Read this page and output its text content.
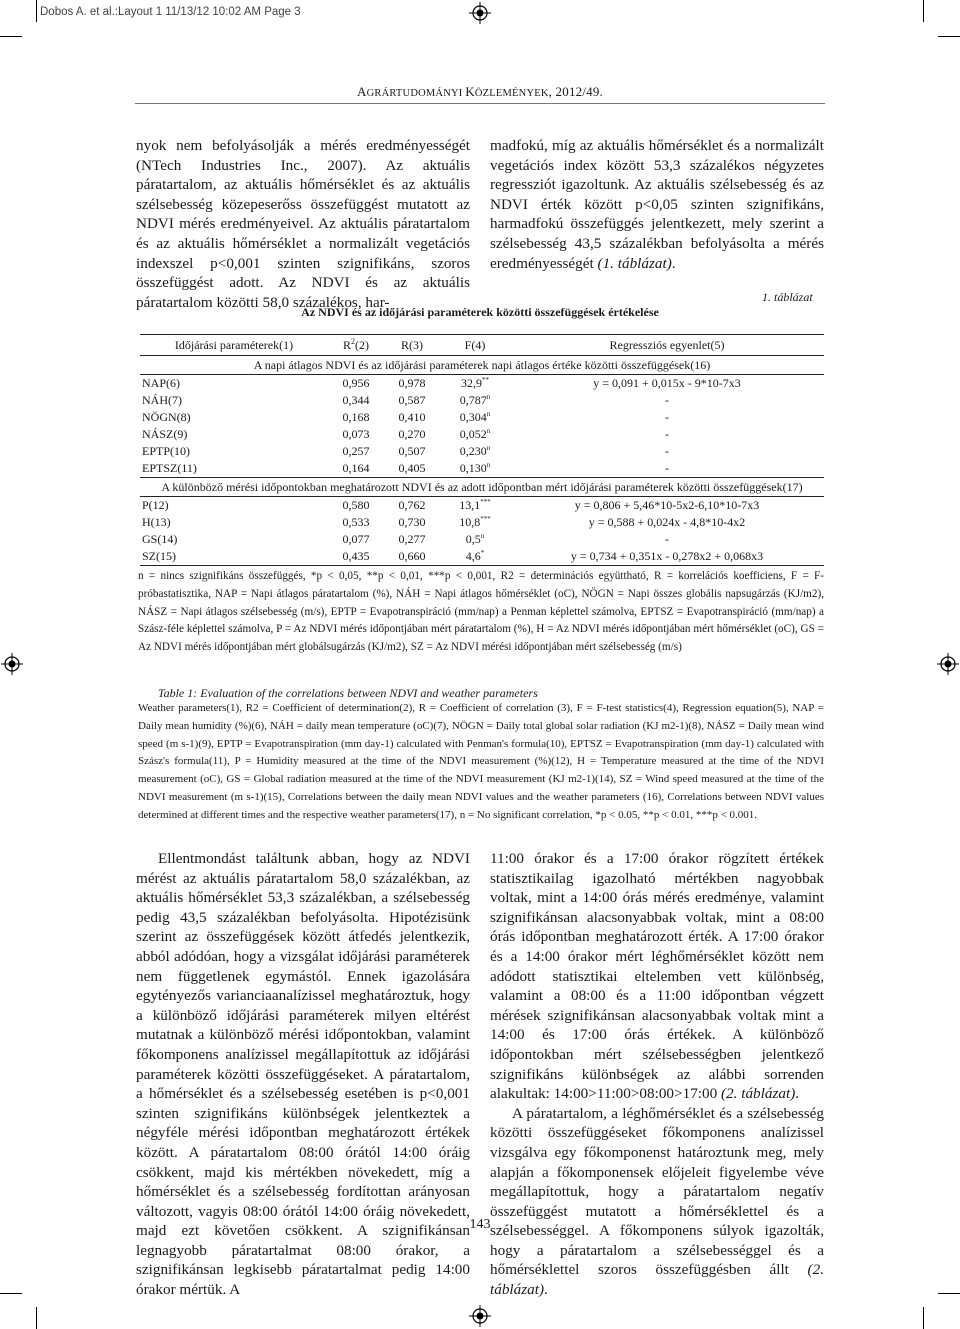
Dobos A. et al.:Layout 1 11/13/12 10:02 AM Page 3
AGRÁRTUDOMÁNYI KÖZLEMÉNYEK, 2012/49.

nyok nem befolyásolják a mérés eredményességét (NTech Industries Inc., 2007). Az aktuális páratartalom, az aktuális hőmérséklet és az aktuális szélsebesség közepeserőss összefüggést mutatott az NDVI mérés eredményeivel. Az aktuális páratartalom és az aktuális hőmérséklet a normalizált vegetációs indexszel p<0,001 szinten szignifikáns, szoros összefüggést adott. Az NDVI és az aktuális páratartalom közötti 58,0 százalékos, har-

madfokú, míg az aktuális hőmérséklet és a normalizált vegetációs index között 53,3 százalékos négyzetes regressziót igazoltunk. Az aktuális szélsebesség és az NDVI érték között p<0,05 szinten szignifikáns, harmadfokú összefüggés jelentkezett, mely szerint a szélsebesség 43,5 százalékban befolyásolta a mérés eredményességét (1. táblázat).

1. táblázat
Az NDVI és az időjárási paraméterek közötti összefüggések értékelése
Időjárási paraméterek(1)	$R^2(2)$	R(3)	F(4)	Regressziós egyenlet(5)
A napi átlagos NDVI és az időjárási paraméterek napi átlagos értéke közötti összefüggések(16)				
NAP(6)	0,956	0,978	32,9**	y = 0,091 + 0,015x - 9*10-7x3
NÁH(7)	0,344	0,587	0,787$^n$	-
NÖGN(8)	0,168	0,410	0,304$^n$	-
NÁSZ(9)	0,073	0,270	0,052$^n$	-
EPTP(10)	0,257	0,507	0,230$^n$	-
EPTSZ(11)	0,164	0,405	0,130$^n$	-
A különböző mérési időpontokban meghatározott NDVI és az adott időpontban mért időjárási paraméterek közötti összefüggések(17)				
P(12)	0,580	0,762	13,1***	y = 0,806 + 5,46*10-5x2-6,10*10-7x3
H(13)	0,533	0,730	10,8***	y = 0,588 + 0,024x - 4,8*10-4x2
GS(14)	0,077	0,277	0,5$^n$	-
SZ(15)	0,435	0,660	4,6*	y = 0,734 + 0,351x - 0,278x2 + 0,068x3
n = nincs szignifikáns összefüggés, *p < 0,05, **p < 0,01, ***p < 0,001, R2 = determinációs együttható, R = korrelációs koefficiens, F = F-próbastatisztika, NAP = Napi átlagos páratartalom (%), NÁH = Napi átlagos hőmérséklet (oC), NÖGN = Napi összes globális napsugárzás (KJ/m2), NÁSZ = Napi átlagos szélsebesség (m/s), EPTP = Evapotranspiráció (mm/nap) a Penman képlettel számolva, EPTSZ = Evapotranspiráció (mm/nap) a Szász-féle képlettel számolva, P = Az NDVI mérés időpontjában mért páratartalom (%), H = Az NDVI mérés időpontjában mért hőmérséklet (oC), GS = Az NDVI mérés időpontjában mért globálsugárzás (KJ/m2), SZ = Az NDVI mérési időpontjában mért szélsebesség (m/s)
Table 1: Evaluation of the correlations between NDVI and weather parameters
Weather parameters(1), R2 = Coefficient of determination(2), R = Coefficient of correlation (3), F = F-test statistics(4), Regression equation(5), NAP = Daily mean humidity (%)(6), NÁH = daily mean temperature (oC)(7), NÖGN = Daily total global solar radiation (KJ m2-1)(8), NÁSZ = Daily mean wind speed (m s-1)(9), EPTP = Evapotranspiration (mm day-1) calculated with Penman's formula(10), EPTSZ = Evapotranspiration (mm day-1) calculated with Szász's formula(11), P = Humidity measured at the time of the NDVI measurement (%)(12), H = Temperature measured at the time of the NDVI measurement (oC), GS = Global radiation measured at the time of the NDVI measurement (KJ m2-1)(14), SZ = Wind speed measured at the time of the NDVI measurement (m s-1)(15), Correlations between the daily mean NDVI values and the weather parameters (16), Correlations between NDVI values determined at different times and the respective weather parameters(17), n = No significant correlation, *p < 0.05, **p < 0.01, ***p < 0.001.

Ellentmondást találtunk abban, hogy az NDVI mérést az aktuális páratartalom 58,0 százalékban, az aktuális hőmérséklet 53,3 százalékban, a szélsebesség pedig 43,5 százalékban befolyásolta. Hipotézisünk szerint az összefüggések között átfedés jelentkezik, abból adódóan, hogy a vizsgálat időjárási paraméterek nem függetlenek egymástól. Ennek igazolására egytényezős varianciaanalízissel meghatároztuk, hogy a különböző időjárási paraméterek milyen eltérést mutatnak a különböző mérési időpontokban, valamint főkomponens analízissel megállapítottuk az időjárási paraméterek közötti összefüggéseket. A páratartalom, a hőmérséklet és a szélsebesség esetében is p<0,001 szinten szignifikáns különbségek jelentkeztek a négyféle mérési időpontban meghatározott értékek között. A páratartalom 08:00 órától 14:00 óráig csökkent, majd kis mértékben növekedett, míg a hőmérséklet és a szélsebesség fordítottan arányosan változott, vagyis 08:00 órától 14:00 óráig növekedett, majd ezt követően csökkent. A szignifikánsan legnagyobb páratartalmat 08:00 órakor, a szignifikánsan legkisebb páratartalmat pedig 14:00 órakor mértük. A

11:00 órakor és a 17:00 órakor rögzített értékek statisztikailag igazolható mértékben nagyobbak voltak, mint a 14:00 órás mérés eredménye, valamint szignifikánsan alacsonyabbak voltak, mint a 08:00 órás időpontban meghatározott érték. A 17:00 órakor és a 14:00 órakor mért léghőmérséklet között nem adódott statisztikai eltelemben vett különbség, valamint a 08:00 és a 11:00 időpontban végzett mérések szignifikánsan alacsonyabbak voltak mint a 14:00 és 17:00 órás értékek. A különböző időpontokban mért szélsebességben jelentkező szignifikáns különbségek az alábbi sorrenden alakultak: 14:00>11:00>08:00>17:00 (2. táblázat).

A páratartalom, a léghőmérséklet és a szélsebesség közötti összefüggéseket főkomponens analízissel vizsgálva egy főkomponenst határoztunk meg, mely alapján a főkomponensek előjeleit figyelembe véve megállapítottuk, hogy a páratartalom negatív összefüggést mutatott a hőmérséklettel és a szélsebességgel. A főkomponens súlyok igazolták, hogy a páratartalom a szélsebességgel és a hőmérséklettel szoros összefüggésben állt (2. táblázat).

143
